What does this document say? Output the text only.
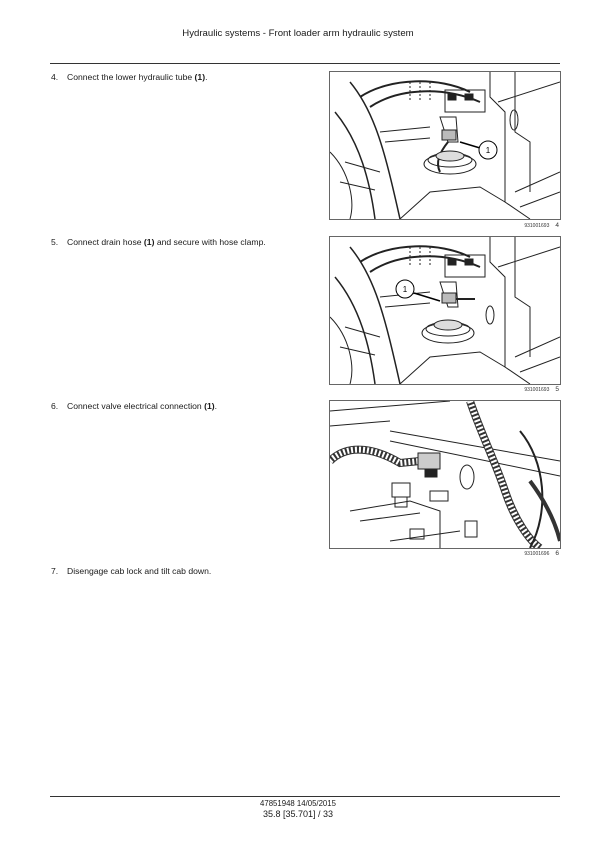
Hydraulic systems - Front loader arm hydraulic system
4. Connect the lower hydraulic tube (1).
1
931001693 4
5. Connect drain hose (1) and secure with hose clamp.
1
931001693 5
6. Connect valve electrical connection (1).
931001696 6
7. Disengage cab lock and tilt cab down.
47851948 14/05/2015
35.8 [35.701] / 33
